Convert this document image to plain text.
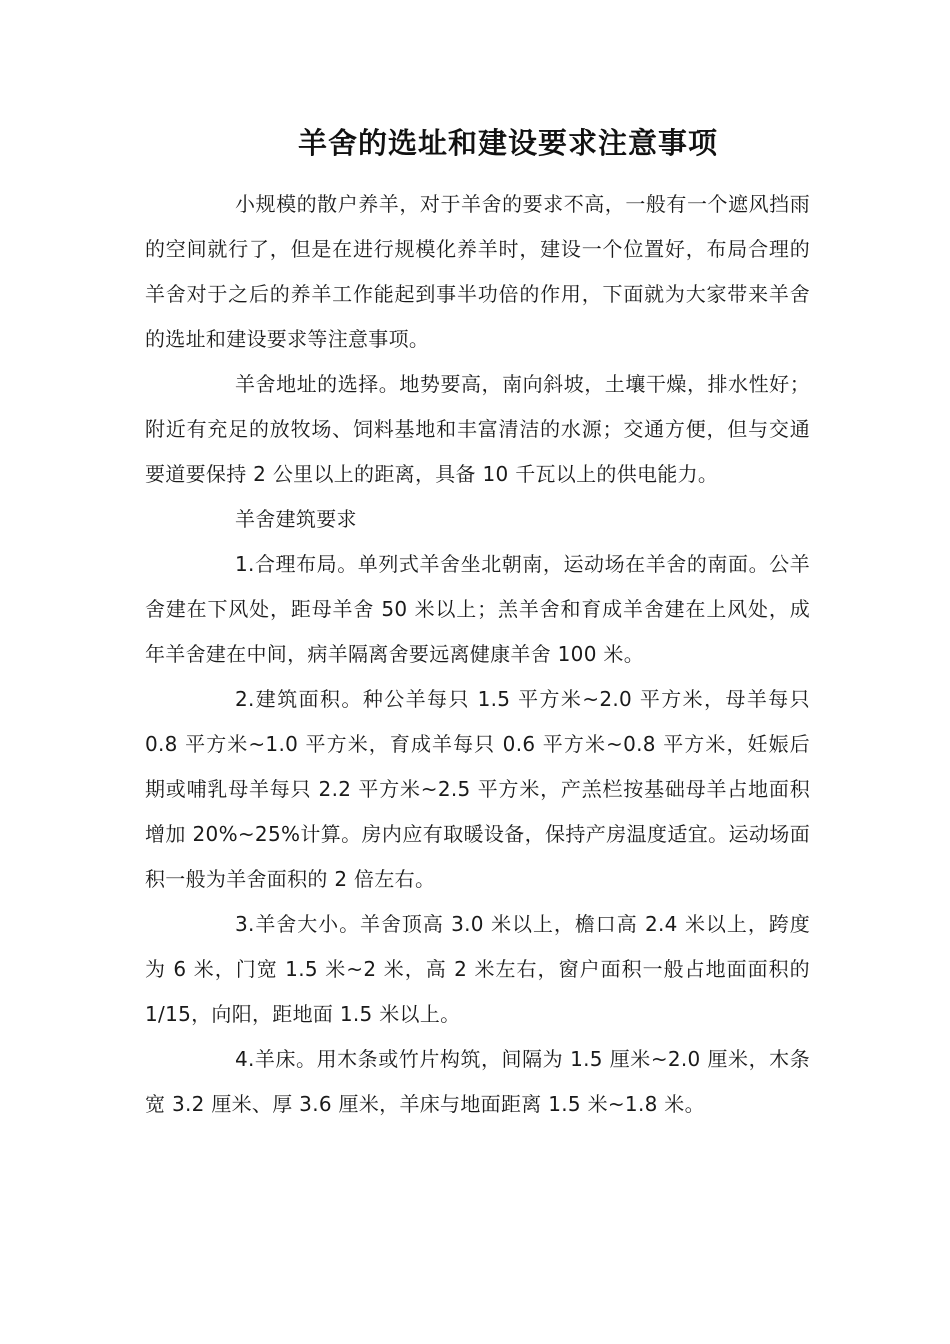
羊舍的选址和建设要求注意事项

小规模的散户养羊，对于羊舍的要求不高，一般有一个遮风挡雨的空间就行了，但是在进行规模化养羊时，建设一个位置好，布局合理的羊舍对于之后的养羊工作能起到事半功倍的作用，下面就为大家带来羊舍的选址和建设要求等注意事项。

羊舍地址的选择。地势要高，南向斜坡，土壤干燥，排水性好；附近有充足的放牧场、饲料基地和丰富清洁的水源；交通方便，但与交通要道要保持 2 公里以上的距离，具备 10 千瓦以上的供电能力。

羊舍建筑要求

1.合理布局。单列式羊舍坐北朝南，运动场在羊舍的南面。公羊舍建在下风处，距母羊舍 50 米以上；羔羊舍和育成羊舍建在上风处，成年羊舍建在中间，病羊隔离舍要远离健康羊舍 100 米。

2.建筑面积。种公羊每只 1.5 平方米~2.0 平方米，母羊每只 0.8 平方米~1.0 平方米，育成羊每只 0.6 平方米~0.8 平方米，妊娠后期或哺乳母羊每只 2.2 平方米~2.5 平方米，产羔栏按基础母羊占地面积增加 20%~25%计算。房内应有取暖设备，保持产房温度适宜。运动场面积一般为羊舍面积的 2 倍左右。

3.羊舍大小。羊舍顶高 3.0 米以上，檐口高 2.4 米以上，跨度为 6 米，门宽 1.5 米~2 米，高 2 米左右，窗户面积一般占地面面积的 1/15，向阳，距地面 1.5 米以上。

4.羊床。用木条或竹片构筑，间隔为 1.5 厘米~2.0 厘米，木条宽 3.2 厘米、厚 3.6 厘米，羊床与地面距离 1.5 米~1.8 米。
